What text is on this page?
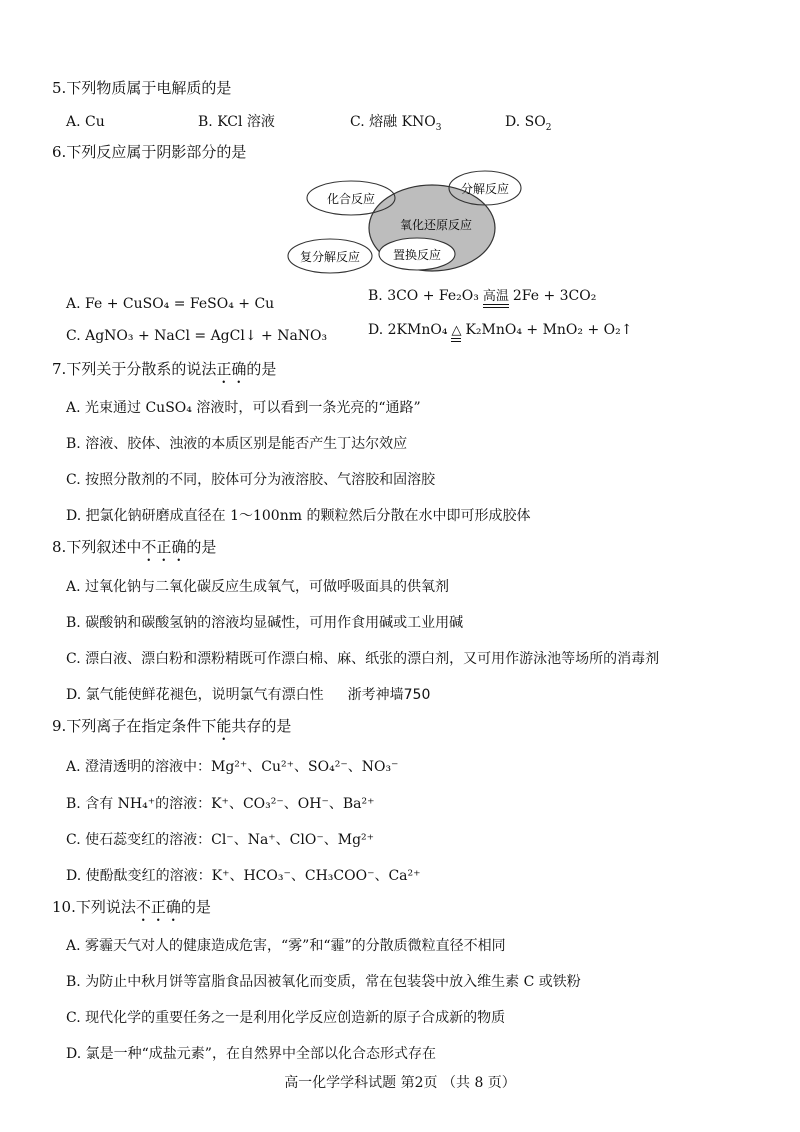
5.下列物质属于电解质的是
A. Cu	B. KCl 溶液	C. 熔融 $KNO_3$	D. $SO_2$
6.下列反应属于阴影部分的是
化合反应
分解反应
氧化还原反应
复分解反应	置换反应
A. Fe + CuSO₄ = FeSO₄ + Cu	B. 3CO + Fe₂O₃ 高温 2Fe + 3CO₂
C. AgNO₃ + NaCl = AgCl↓ + NaNO₃	D. 2KMnO₄ △ K₂MnO₄ + MnO₂ + O₂↑
7.下列关于分散系的说法正确的是
A. 光束通过 CuSO₄ 溶液时，可以看到一条光亮的“通路”
B. 溶液、胶体、浊液的本质区别是能否产生丁达尔效应
C. 按照分散剂的不同，胶体可分为液溶胶、气溶胶和固溶胶
D. 把氯化钠研磨成直径在 1～100nm 的颗粒然后分散在水中即可形成胶体
8.下列叙述中不正确的是
A. 过氧化钠与二氧化碳反应生成氧气，可做呼吸面具的供氧剂
B. 碳酸钠和碳酸氢钠的溶液均显碱性，可用作食用碱或工业用碱
C. 漂白液、漂白粉和漂粉精既可作漂白棉、麻、纸张的漂白剂，又可用作游泳池等场所的消毒剂
D. 氯气能使鲜花褪色，说明氯气有漂白性 浙考神墙750
9.下列离子在指定条件下能共存的是
A. 澄清透明的溶液中：Mg²⁺、Cu²⁺、SO₄²⁻、NO₃⁻
B. 含有 NH₄⁺的溶液：K⁺、CO₃²⁻、OH⁻、Ba²⁺
C. 使石蕊变红的溶液：Cl⁻、Na⁺、ClO⁻、Mg²⁺
D. 使酚酞变红的溶液：K⁺、HCO₃⁻、CH₃COO⁻、Ca²⁺
10.下列说法不正确的是
A. 雾霾天气对人的健康造成危害，“雾”和“霾”的分散质微粒直径不相同
B. 为防止中秋月饼等富脂食品因被氧化而变质，常在包装袋中放入维生素 C 或铁粉
C. 现代化学的重要任务之一是利用化学反应创造新的原子合成新的物质
D. 氯是一种“成盐元素”，在自然界中全部以化合态形式存在
高一化学学科试题 第2页 （共 8 页）
